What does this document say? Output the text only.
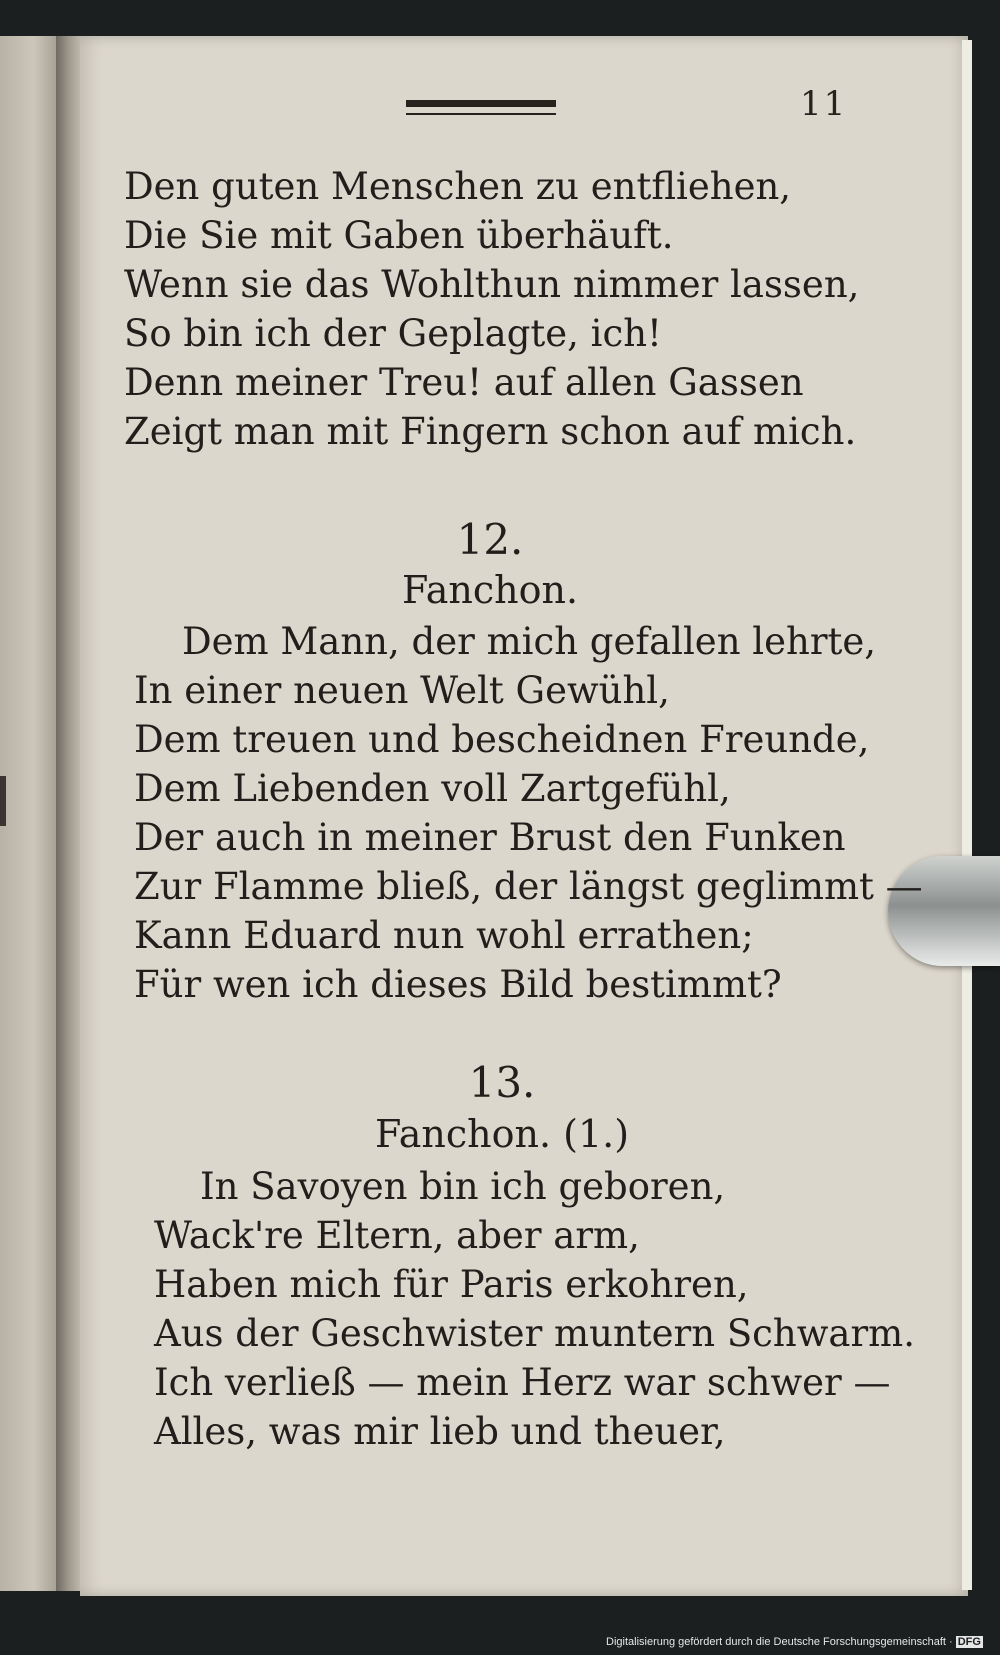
11
Den guten Menschen zu entfliehen,
Die Sie mit Gaben überhäuft.
Wenn sie das Wohlthun nimmer lassen,
So bin ich der Geplagte, ich!
Denn meiner Treu! auf allen Gassen
Zeigt man mit Fingern schon auf mich.
12.
Fanchon.
Dem Mann, der mich gefallen lehrte,
In einer neuen Welt Gewühl,
Dem treuen und bescheidnen Freunde,
Dem Liebenden voll Zartgefühl,
Der auch in meiner Brust den Funken
Zur Flamme bließ, der längst geglimmt —
Kann Eduard nun wohl errathen;
Für wen ich dieses Bild bestimmt?
13.
Fanchon. (1.)
In Savoyen bin ich geboren,
Wack're Eltern, aber arm,
Haben mich für Paris erkohren,
Aus der Geschwister muntern Schwarm.
Ich verließ — mein Herz war schwer —
Alles, was mir lieb und theuer,
Digitalisierung gefördert durch die Deutsche Forschungsgemeinschaft · DFG
